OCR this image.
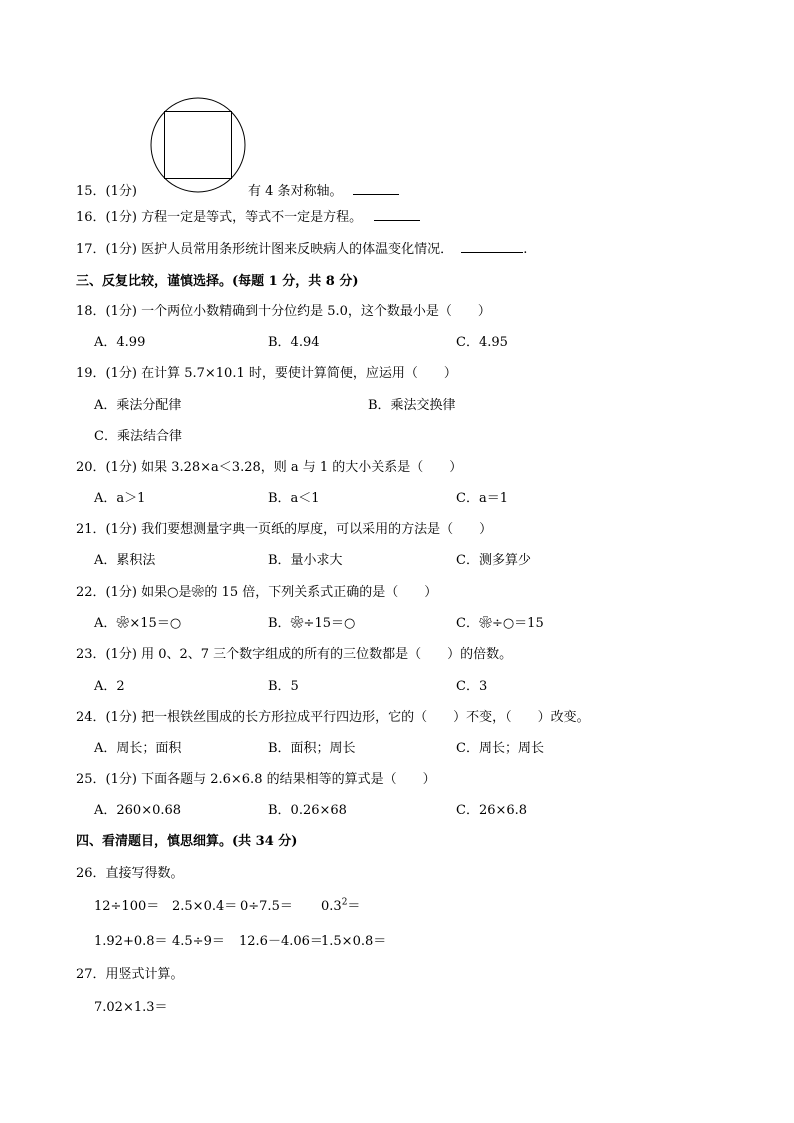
15．(1分)	有 4 条对称轴。
16．(1分) 方程一定是等式，等式不一定是方程。
17．(1分) 医护人员常用条形统计图来反映病人的体温变化情况．	.
三、反复比较，谨慎选择。(每题 1 分，共 8 分)
18．(1分) 一个两位小数精确到十分位约是 5.0，这个数最小是（　　）
A．4.99	B．4.94	C．4.95
19．(1分) 在计算 5.7×10.1 时，要使计算简便，应运用（　　）
A．乘法分配律	B．乘法交换律
C．乘法结合律
20．(1分) 如果 3.28×a＜3.28，则 a 与 1 的大小关系是（　　）
A．a＞1	B．a＜1	C．a＝1
21．(1分) 我们要想测量字典一页纸的厚度，可以采用的方法是（　　）
A．累积法	B．量小求大	C．测多算少
22．(1分) 如果○是❀的 15 倍，下列关系式正确的是（　　）
A．❀×15＝○	B．❀÷15＝○	C．❀÷○＝15
23．(1分) 用 0、2、7 三个数字组成的所有的三位数都是（　　）的倍数。
A．2	B．5	C．3
24．(1分) 把一根铁丝围成的长方形拉成平行四边形，它的（　　）不变，（　　）改变。
A．周长；面积	B．面积；周长	C．周长；周长
25．(1分) 下面各题与 2.6×6.8 的结果相等的算式是（　　）
A．260×0.68	B．0.26×68	C．26×6.8
四、看清题目，慎思细算。(共 34 分)
26．直接写得数。
$12\div 100= 2.5\times 0.4= 0\div 7.5= 0.3^2=$
1.92+0.8＝ 4.5÷9＝ 12.6－4.06＝
1.5×0.8＝
27．用竖式计算。
7.02×1.3＝
